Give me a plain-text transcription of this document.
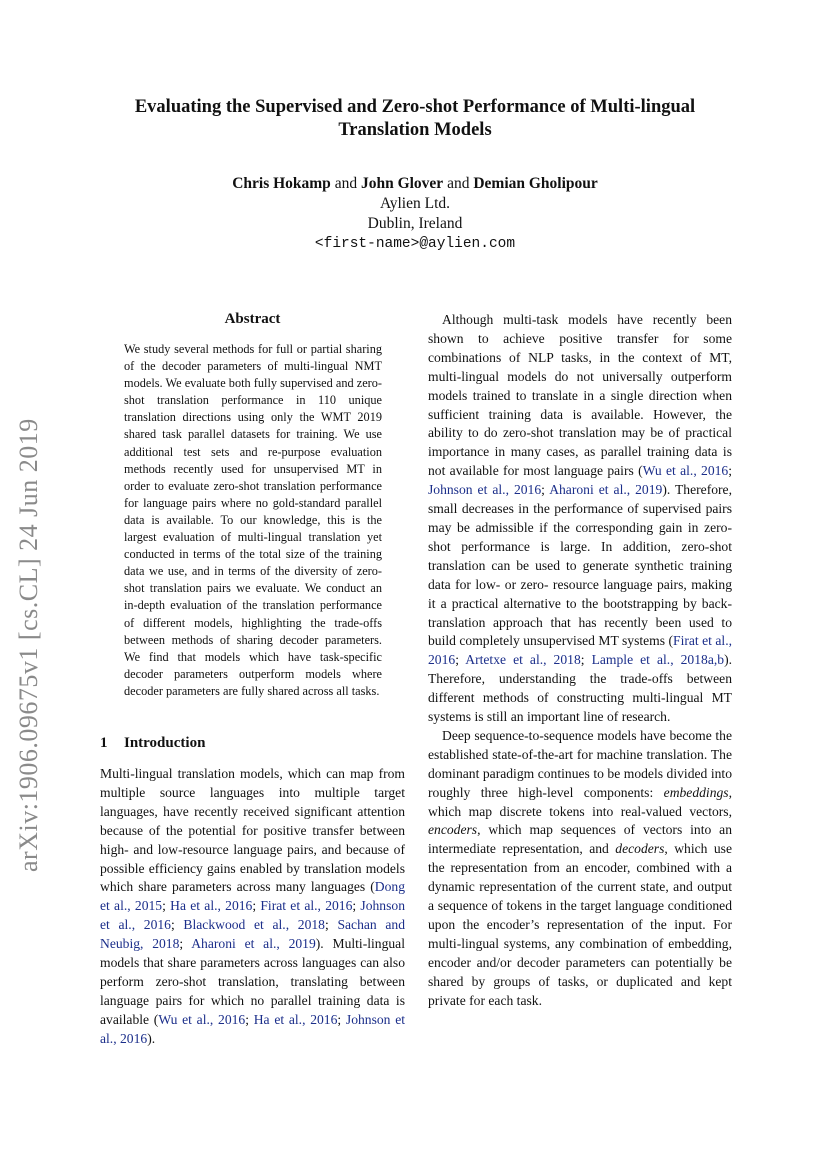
arXiv:1906.09675v1 [cs.CL] 24 Jun 2019
Evaluating the Supervised and Zero-shot Performance of Multi-lingual
Translation Models
Chris Hokamp and John Glover and Demian Gholipour
Aylien Ltd.
Dublin, Ireland
<first-name>@aylien.com
Abstract
We study several methods for full or partial sharing of the decoder parameters of multi-lingual NMT models. We evaluate both fully supervised and zero-shot translation performance in 110 unique translation directions using only the WMT 2019 shared task parallel datasets for training. We use additional test sets and re-purpose evaluation methods recently used for unsupervised MT in order to evaluate zero-shot translation performance for language pairs where no gold-standard parallel data is available. To our knowledge, this is the largest evaluation of multi-lingual translation yet conducted in terms of the total size of the training data we use, and in terms of the diversity of zero-shot translation pairs we evaluate. We conduct an in-depth evaluation of the translation performance of different models, highlighting the trade-offs between methods of sharing decoder parameters. We find that models which have task-specific decoder parameters outperform models where decoder parameters are fully shared across all tasks.
1 Introduction

Multi-lingual translation models, which can map from multiple source languages into multiple target languages, have recently received significant attention because of the potential for positive transfer between high- and low-resource language pairs, and because of possible efficiency gains enabled by translation models which share parameters across many languages (Dong et al., 2015; Ha et al., 2016; Firat et al., 2016; Johnson et al., 2016; Blackwood et al., 2018; Sachan and Neubig, 2018; Aharoni et al., 2019). Multi-lingual models that share parameters across languages can also perform zero-shot translation, translating between language pairs for which no parallel training data is available (Wu et al., 2016; Ha et al., 2016; Johnson et al., 2016).

Although multi-task models have recently been shown to achieve positive transfer for some combinations of NLP tasks, in the context of MT, multi-lingual models do not universally outperform models trained to translate in a single direction when sufficient training data is available. However, the ability to do zero-shot translation may be of practical importance in many cases, as parallel training data is not available for most language pairs (Wu et al., 2016; Johnson et al., 2016; Aharoni et al., 2019). Therefore, small decreases in the performance of supervised pairs may be admissible if the corresponding gain in zero-shot performance is large. In addition, zero-shot translation can be used to generate synthetic training data for low- or zero- resource language pairs, making it a practical alternative to the bootstrapping by back-translation approach that has recently been used to build completely unsupervised MT systems (Firat et al., 2016; Artetxe et al., 2018; Lample et al., 2018a,b). Therefore, understanding the trade-offs between different methods of constructing multi-lingual MT systems is still an important line of research.

Deep sequence-to-sequence models have become the established state-of-the-art for machine translation. The dominant paradigm continues to be models divided into roughly three high-level components: embeddings, which map discrete tokens into real-valued vectors, encoders, which map sequences of vectors into an intermediate representation, and decoders, which use the representation from an encoder, combined with a dynamic representation of the current state, and output a sequence of tokens in the target language conditioned upon the encoder’s representation of the input. For multi-lingual systems, any combination of embedding, encoder and/or decoder parameters can potentially be shared by groups of tasks, or duplicated and kept private for each task.
